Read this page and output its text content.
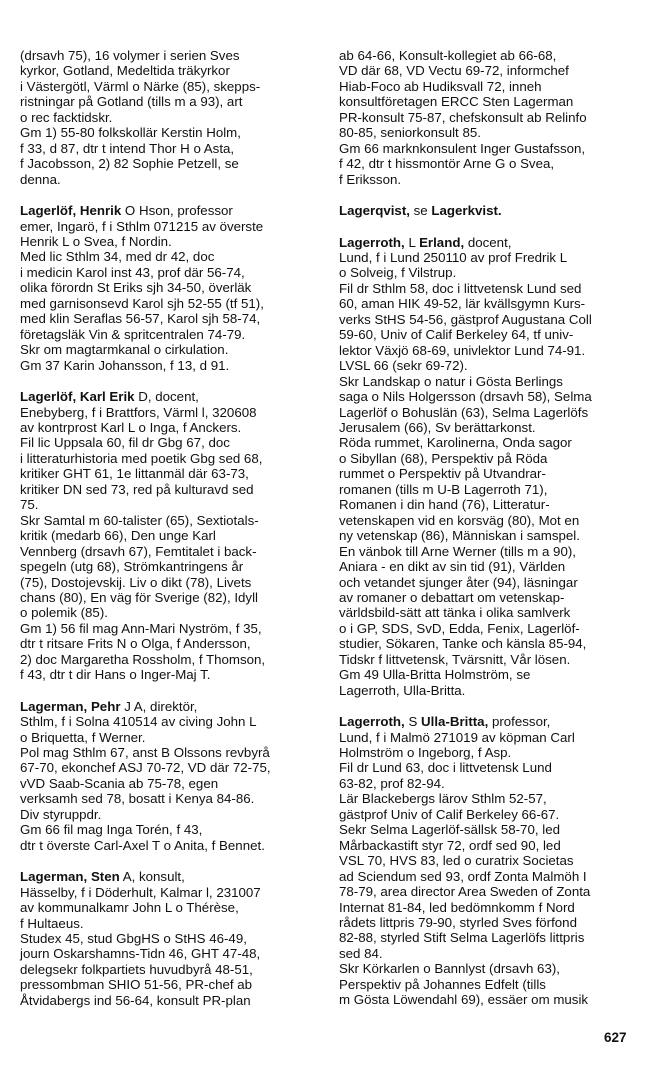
(drsavh 75), 16 volymer i serien Sves
kyrkor, Gotland, Medeltida träkyrkor
i Västergötl, Värml o Närke (85), skepps-
ristningar på Gotland (tills m a 93), art
o rec facktidskr.
Gm 1) 55-80 folkskollär Kerstin Holm,
f 33, d 87, dtr t intend Thor H o Asta,
f Jacobsson, 2) 82 Sophie Petzell, se
denna.
Lagerlöf, Henrik O Hson, professor
emer, Ingarö, f i Sthlm 071215 av överste
Henrik L o Svea, f Nordin.
Med lic Sthlm 34, med dr 42, doc
i medicin Karol inst 43, prof där 56-74,
olika förordn St Eriks sjh 34-50, överläk
med garnisonsevd Karol sjh 52-55 (tf 51),
med klin Seraflas 56-57, Karol sjh 58-74,
företagsläk Vin & spritcentralen 74-79.
Skr om magtarmkanal o cirkulation.
Gm 37 Karin Johansson, f 13, d 91.
Lagerlöf, Karl Erik D, docent,
Enebyberg, f i Brattfors, Värml l, 320608
av kontrprost Karl L o Inga, f Anckers.
Fil lic Uppsala 60, fil dr Gbg 67, doc
i litteraturhistoria med poetik Gbg sed 68,
kritiker GHT 61, 1e littanmäl där 63-73,
kritiker DN sed 73, red på kulturavd sed
75.
Skr Samtal m 60-talister (65), Sextiotals-
kritik (medarb 66), Den unge Karl
Vennberg (drsavh 67), Femtitalet i back-
spegeln (utg 68), Strömkantringens år
(75), Dostojevskij. Liv o dikt (78), Livets
chans (80), En väg för Sverige (82), Idyll
o polemik (85).
Gm 1) 56 fil mag Ann-Mari Nyström, f 35,
dtr t ritsare Frits N o Olga, f Andersson,
2) doc Margaretha Rossholm, f Thomson,
f 43, dtr t dir Hans o Inger-Maj T.
Lagerman, Pehr J A, direktör,
Sthlm, f i Solna 410514 av civing John L
o Briquetta, f Werner.
Pol mag Sthlm 67, anst B Olssons revbyrå
67-70, ekonchef ASJ 70-72, VD där 72-75,
vVD Saab-Scania ab 75-78, egen
verksamh sed 78, bosatt i Kenya 84-86.
Div styruppdr.
Gm 66 fil mag Inga Torén, f 43,
dtr t överste Carl-Axel T o Anita, f Bennet.
Lagerman, Sten A, konsult,
Hässelby, f i Döderhult, Kalmar l, 231007
av kommunalkamr John L o Thérèse,
f Hultaeus.
Studex 45, stud GbgHS o StHS 46-49,
journ Oskarshamns-Tidn 46, GHT 47-48,
delegsekr folkpartiets huvudbyrå 48-51,
pressombman SHIO 51-56, PR-chef ab
Åtvidabergs ind 56-64, konsult PR-plan
ab 64-66, Konsult-kollegiet ab 66-68,
VD där 68, VD Vectu 69-72, informchef
Hiab-Foco ab Hudiksvall 72, inneh
konsultföretagen ERCC Sten Lagerman
PR-konsult 75-87, chefskonsult ab Relinfo
80-85, seniorkonsult 85.
Gm 66 marknkonsulent Inger Gustafsson,
f 42, dtr t hissmontör Arne G o Svea,
f Eriksson.
Lagerqvist, se Lagerkvist.
Lagerroth, L Erland, docent,
Lund, f i Lund 250110 av prof Fredrik L
o Solveig, f Vilstrup.
Fil dr Sthlm 58, doc i littvetensk Lund sed
60, aman HIK 49-52, lär kvällsgymn Kurs-
verks StHS 54-56, gästprof Augustana Coll
59-60, Univ of Calif Berkeley 64, tf univ-
lektor Växjö 68-69, univlektor Lund 74-91.
LVSL 66 (sekr 69-72).
Skr Landskap o natur i Gösta Berlings
saga o Nils Holgersson (drsavh 58), Selma
Lagerlöf o Bohuslän (63), Selma Lagerlöfs
Jerusalem (66), Sv berättarkonst.
Röda rummet, Karolinerna, Onda sagor
o Sibyllan (68), Perspektiv på Röda
rummet o Perspektiv på Utvandrar-
romanen (tills m U-B Lagerroth 71),
Romanen i din hand (76), Litteratur-
vetenskapen vid en korsväg (80), Mot en
ny vetenskap (86), Människan i samspel.
En vänbok till Arne Werner (tills m a 90),
Aniara - en dikt av sin tid (91), Världen
och vetandet sjunger åter (94), läsningar
av romaner o debattart om vetenskap-
världsbild-sätt att tänka i olika samlverk
o i GP, SDS, SvD, Edda, Fenix, Lagerlöf-
studier, Sökaren, Tanke och känsla 85-94,
Tidskr f littvetensk, Tvärsnitt, Vår lösen.
Gm 49 Ulla-Britta Holmström, se
Lagerroth, Ulla-Britta.
Lagerroth, S Ulla-Britta, professor,
Lund, f i Malmö 271019 av köpman Carl
Holmström o Ingeborg, f Asp.
Fil dr Lund 63, doc i littvetensk Lund
63-82, prof 82-94.
Lär Blackebergs lärov Sthlm 52-57,
gästprof Univ of Calif Berkeley 66-67.
Sekr Selma Lagerlöf-sällsk 58-70, led
Mårbackastift styr 72, ordf sed 90, led
VSL 70, HVS 83, led o curatrix Societas
ad Sciendum sed 93, ordf Zonta Malmöh I
78-79, area director Area Sweden of Zonta
Internat 81-84, led bedömnkomm f Nord
rådets littpris 79-90, styrled Sves förfond
82-88, styrled Stift Selma Lagerlöfs littpris
sed 84.
Skr Körkarlen o Bannlyst (drsavh 63),
Perspektiv på Johannes Edfelt (tills
m Gösta Löwendahl 69), essäer om musik
627
